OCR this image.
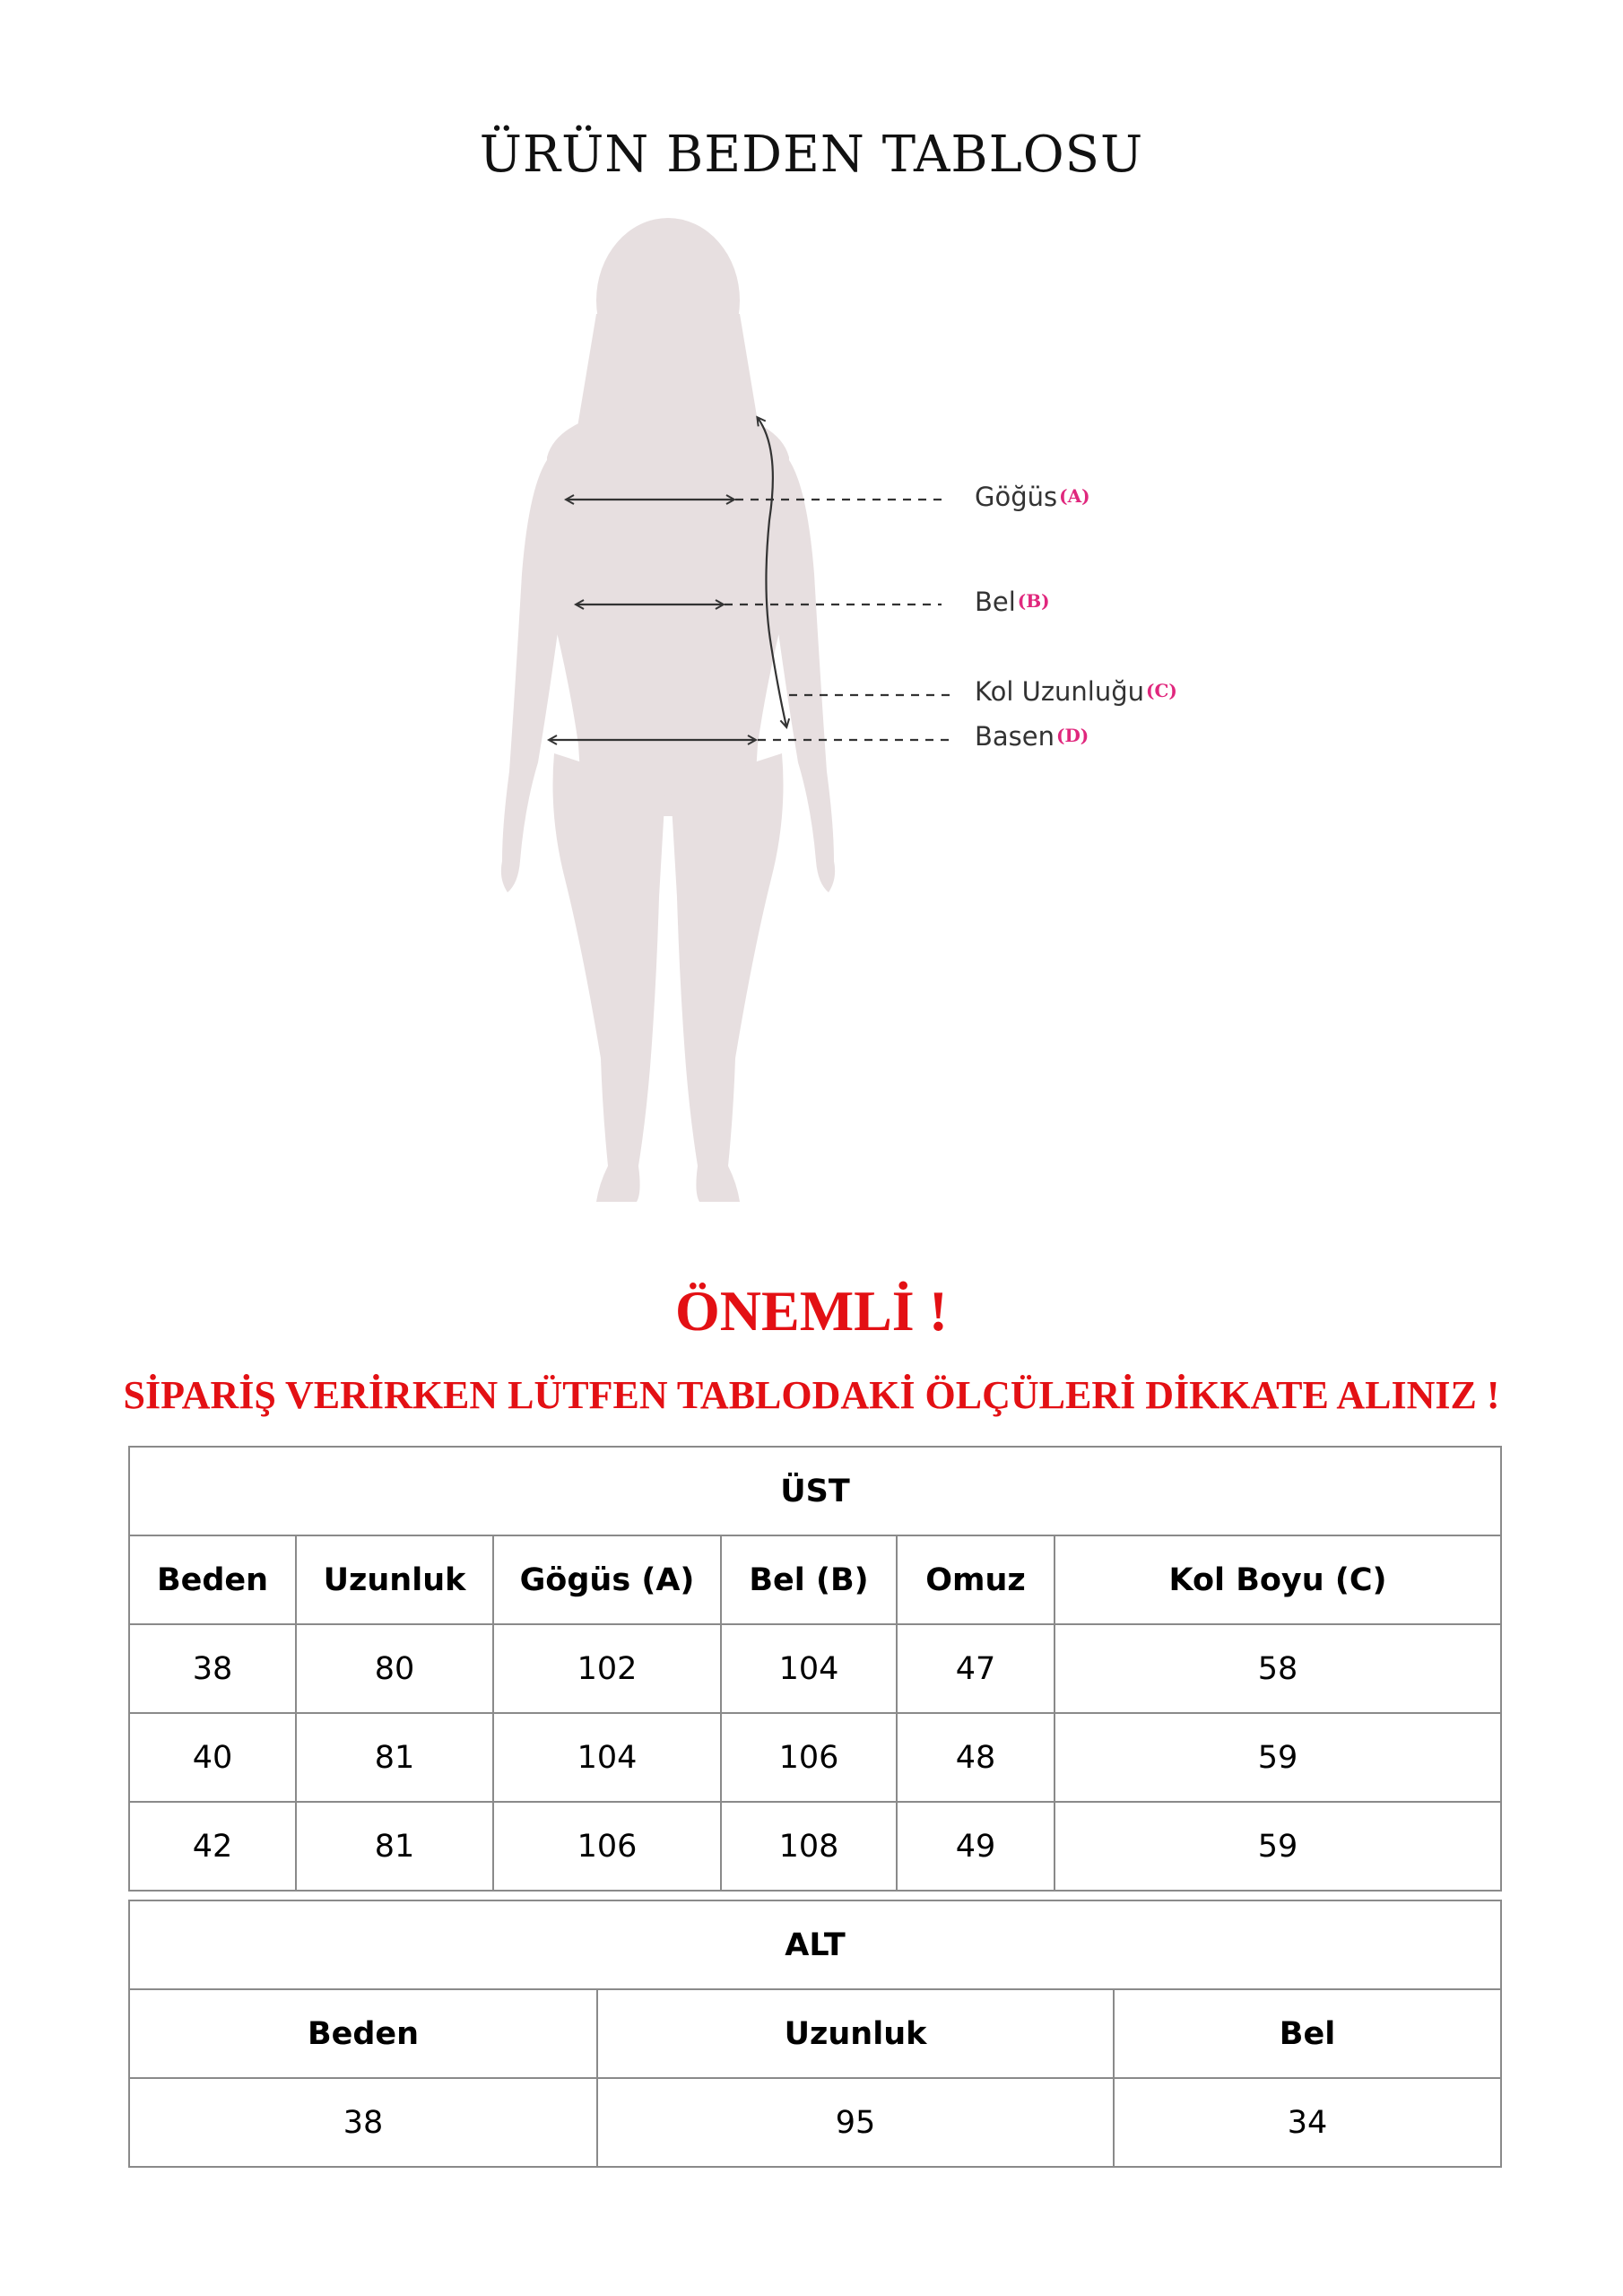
ÜRÜN BEDEN TABLOSU
Göğüs (A)
Bel (B)
Kol Uzunluğu (C)
Basen (D)
ÖNEMLİ !
SİPARİŞ VERİRKEN LÜTFEN TABLODAKİ ÖLÇÜLERİ DİKKATE ALINIZ !
ÜST					
Beden	Uzunluk	Gögüs (A)	Bel (B)	Omuz	Kol Boyu (C)
38	80	102	104	47	58
40	81	104	106	48	59
42	81	106	108	49	59
ALT		
Beden	Uzunluk	Bel
38	95	34
